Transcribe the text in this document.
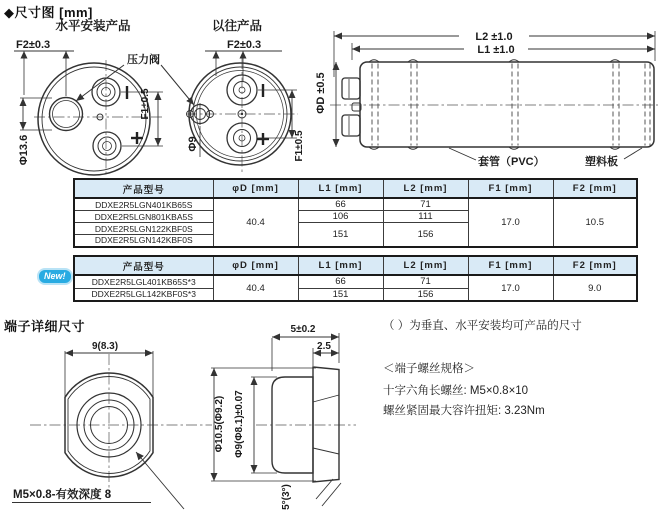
◆尺寸图 [mm]
水平安装产品
F2±0.3
Φ13.6
F1±0.5
压力阀
以往产品
F2±0.3
Φ9	F1±0.5
L2 ±1.0
L1 ±1.0
ΦD ±0.5
套管（PVC）	塑料板
产品型号	φD [mm]	L1 [mm]	L2 [mm]	F1 [mm]	F2 [mm]
DDXE2R5LGN401KB65S	40.4	66	71	17.0	10.5
DDXE2R5LGN801KBA5S		106	111		
DDXE2R5LGN122KBF0S		151	156		
DDXE2R5LGN142KBF0S					
New!
产品型号	φD [mm]	L1 [mm]	L2 [mm]	F1 [mm]	F2 [mm]
DDXE2R5LGL401KB65S*3	40.4	66	71	17.0	9.0
DDXE2R5LGL142KBF0S*3		151	156		
端子详细尺寸
9(8.3)
M5×0.8-有效深度 8
Φ10.5(Φ9.2) Φ9(Φ8.1)±0.07
5±0.2
2.5
5°(3°)
（ ）为垂直、水平安装均可产品的尺寸
＜端子螺丝规格＞
十字六角长螺丝: M5×0.8×10
螺丝紧固最大容许扭矩: 3.23Nm
